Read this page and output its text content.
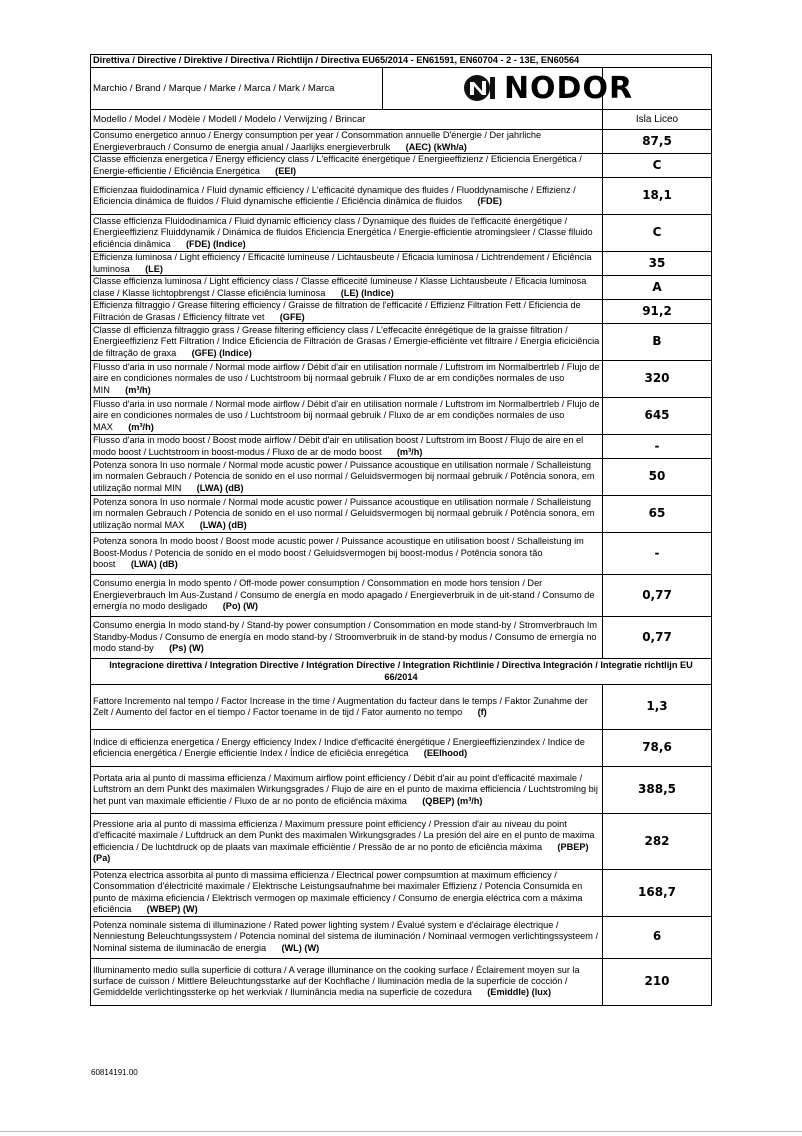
Direttiva / Directive / Direktive / Directiva / Richtlijn / Directiva EU65/2014 - EN61591, EN60704 - 2 - 13E, EN60564	
Marchio / Brand / Marque / Marke / Marca / Mark / Marca	
Modello / Model / Modèle / Modell / Modelo / Verwijzing / Brincar	Isla Liceo
Consumo energetico annuo / Energy consumption per year / Consommation annuelle D'énergie / Der jahrliche Energieverbrauch / Consumo de energia anual / Jaarlijks energieverbrulk (AEC) (kWh/a)	87,5
Classe efficienza energetica / Energy efficiency class / L'efficacité énergétique / Energieeffizienz / Eficiencia Energética / Energie-efficientie / Eficiência Energética (EEI)	C
Efficienzaa fluidodinamica / Fluid dynamic efficiency / L'efficacité dynamique des fluides / Fluoddynamische / Effizienz / Eficiencia dinámica de fluidos / Fluid dynamische efficientie / Eficiência dinâmica de fluidos (FDE)	18,1
Classe efficienza Fluidodinamica / Fluid dynamic efficiency class / Dynamique des fluides de l'efficacité énergétique / Energieeffizienz Fluiddynamik / Dinámica de fluidos Eficiencia Energética / Energie-efficientie atromingsleer / Classe flluido eficiência dinâmica (FDE) (Indice)	C
Efficienza luminosa / Light efficiency / Efficacité lumineuse / Lichtausbeute / Eficacia luminosa / Lichtrendement / Eficiência luminosa (LE)	35
Classe efficienza luminosa / Light efficiency class / Classe efficecité lumineuse / Klasse Lichtausbeute / Eficacia luminosa clase / Klasse lichtopbrengst / Classe eficiência luminosa (LE) (Indice)	A
Efficienza filtraggio / Grease filtering efficiency / Graisse de filtration de l'efficacité / Effizienz Filtration Fett / Eficiencia de Filtración de Grasas / Efficiency filtrate vet (GFE)	91,2
Classe dl efficienza filtraggio grass / Grease filtering efficiency class / L'effecacité énrégétique de la graisse filtration / Energieeffizienz Fett Filtration / Indice Eficiencia de Filtración de Grasas / Emergie-efficiënte vet filtraire / Energia eficiciência de filtração de graxa (GFE) (Indice)	B
Flusso d'aria in uso normale / Normal mode airflow / Débit d'air en utilisation normale / Luftstrom im Normalbertrleb / Flujo de aire en condiciones normales de uso / Luchtstroom bij normaal gebruik / Fluxo de ar em condições normales de uso MIN (m³/h)	320
Flusso d'aria in uso normale / Normal mode airflow / Débit d'air en utilisation normale / Luftstrom im Normalbertrleb / Flujo de aire en condiciones normales de uso / Luchtstroom bij normaal gebruik / Fluxo de ar em condições normales de uso MAX (m³/h)	645
Flusso d'aria in modo boost / Boost mode airflow / Débit d'air en utilisation boost / Luftstrom im Boost / Flujo de aire en el modo boost / Luchtstroom in boost-modus / Fluxo de ar de modo boost (m³/h)	-
Potenza sonora In uso normale / Normal mode acustic power / Puissance acoustique en utilisation normale / Schalleistung im normalen Gebrauch / Potencia de sonido en el uso normal / Geluidsvermogen bij normaal gebruik / Potência sonora, em utilização normal MIN (LWA) (dB)	50
Potenza sonora In uso normale / Normal mode acustic power / Puissance acoustique en utilisation normale / Schalleistung im normalen Gebrauch / Potencia de sonido en el uso normal / Geluidsvermogen bij normaal gebruik / Potência sonora, em utilização normal MAX (LWA) (dB)	65
Potenza sonora In modo boost / Boost mode acustic power / Puissance acoustique en utilisation boost / Schalleistung im Boost-Modus / Potencia de sonido en el modo boost / Geluidsvermogen bij boost-modus / Potência sonora tão boost (LWA) (dB)	-
Consumo energia In modo spento / Off-mode power consumption / Consommation en mode hors tension / Der Energieverbrauch Im Aus-Zustand / Consumo de energía en modo apagado / Energieverbruik in de uit-stand / Consumo de ernergía no modo desligado (Po) (W)	0,77
Consumo energia In modo stand-by / Stand-by power consumption / Consommation en mode stand-by / Stromverbrauch Im Standby-Modus / Consumo de energía en modo stand-by / Stroomverbruik in de stand-by modus / Consumo de ernergía no modo stand-by (Ps) (W)	0,77
Integracione direttiva / Integration Directive / Intégration Directive / Integration Richtlinie / Directiva Integración / Integratie richtlijn EU 66/2014	
Fattore Incremento nal tempo / Factor Increase in the time / Augmentation du facteur dans le temps / Faktor Zunahme der Zelt / Aumento del factor en el tiempo / Factor toename in de tijd / Fator aumento no tempo (f)	1,3
Indice di efficienza energetica / Energy efficiency Index / Indice d'efficacité énergétique / Energieeffizienzindex / Indice de eficiencia energética / Energie efficientie Index / Índice de eficiêcia enregética (EEIhood)	78,6
Portata aria al punto di massima efficienza / Maximum airflow point efficiency / Débit d'air au point d'efficacité maximale / Luftstrom an dem Punkt des maximalen Wirkungsgrades / Flujo de aire en el punto de maxima efficiencia / Luchtstromlng bij het punt van maximale efficientie / Fluxo de ar no ponto de eficiência máxima (QBEP) (m³/h)	388,5
Pressione aria al punto di massima efficienza / Maximum pressure point efficiency / Pression d'air au niveau du point d'efficacité maximale / Luftdruck an dem Punkt des maximalen Wirkungsgrades / La presión del aire en el punto de maxima efficiencia / De luchtdruck op de plaats van maximale efficiëntie / Pressão de ar no ponto de eficiência máxima (PBEP) (Pa)	282
Potenza electrica assorbita al punto di massima efficienza / Electrical power compsumtion at maximum efficiency / Consommation d'électricité maximale / Elektrische Leistungsaufnahme bei maximaler Effizienz / Potencia Consumida en punto de máxima eficiencia / Elektrisch vermogen op maximale efficiency / Consumo de energia eléctrica com a máxima eficiência (WBEP) (W)	168,7
Potenza nominale sistema di illuminazione / Rated power lighting system / Évalué system e d'éclairage électrique / Nenniestung Beleuchtungssystem / Potencia nominal del sistema de iluminación / Nominaal vermogen verlichtingssysteem / Nominal sistema de iluminacão de energia (WL) (W)	6
Illuminamento medio sulla superficie di cottura / A verage illuminance on the cooking surface / Éclairement moyen sur la surface de cuisson / Mittlere Beleuchtungsstarke auf der Kochflache / Iluminación media de la superficie de cocción / Gemiddelde verlichtingssterke op het werkviak / Iluminância media na superficie de cozedura (Emiddle) (lux)	210
NODOR
60814191.00
